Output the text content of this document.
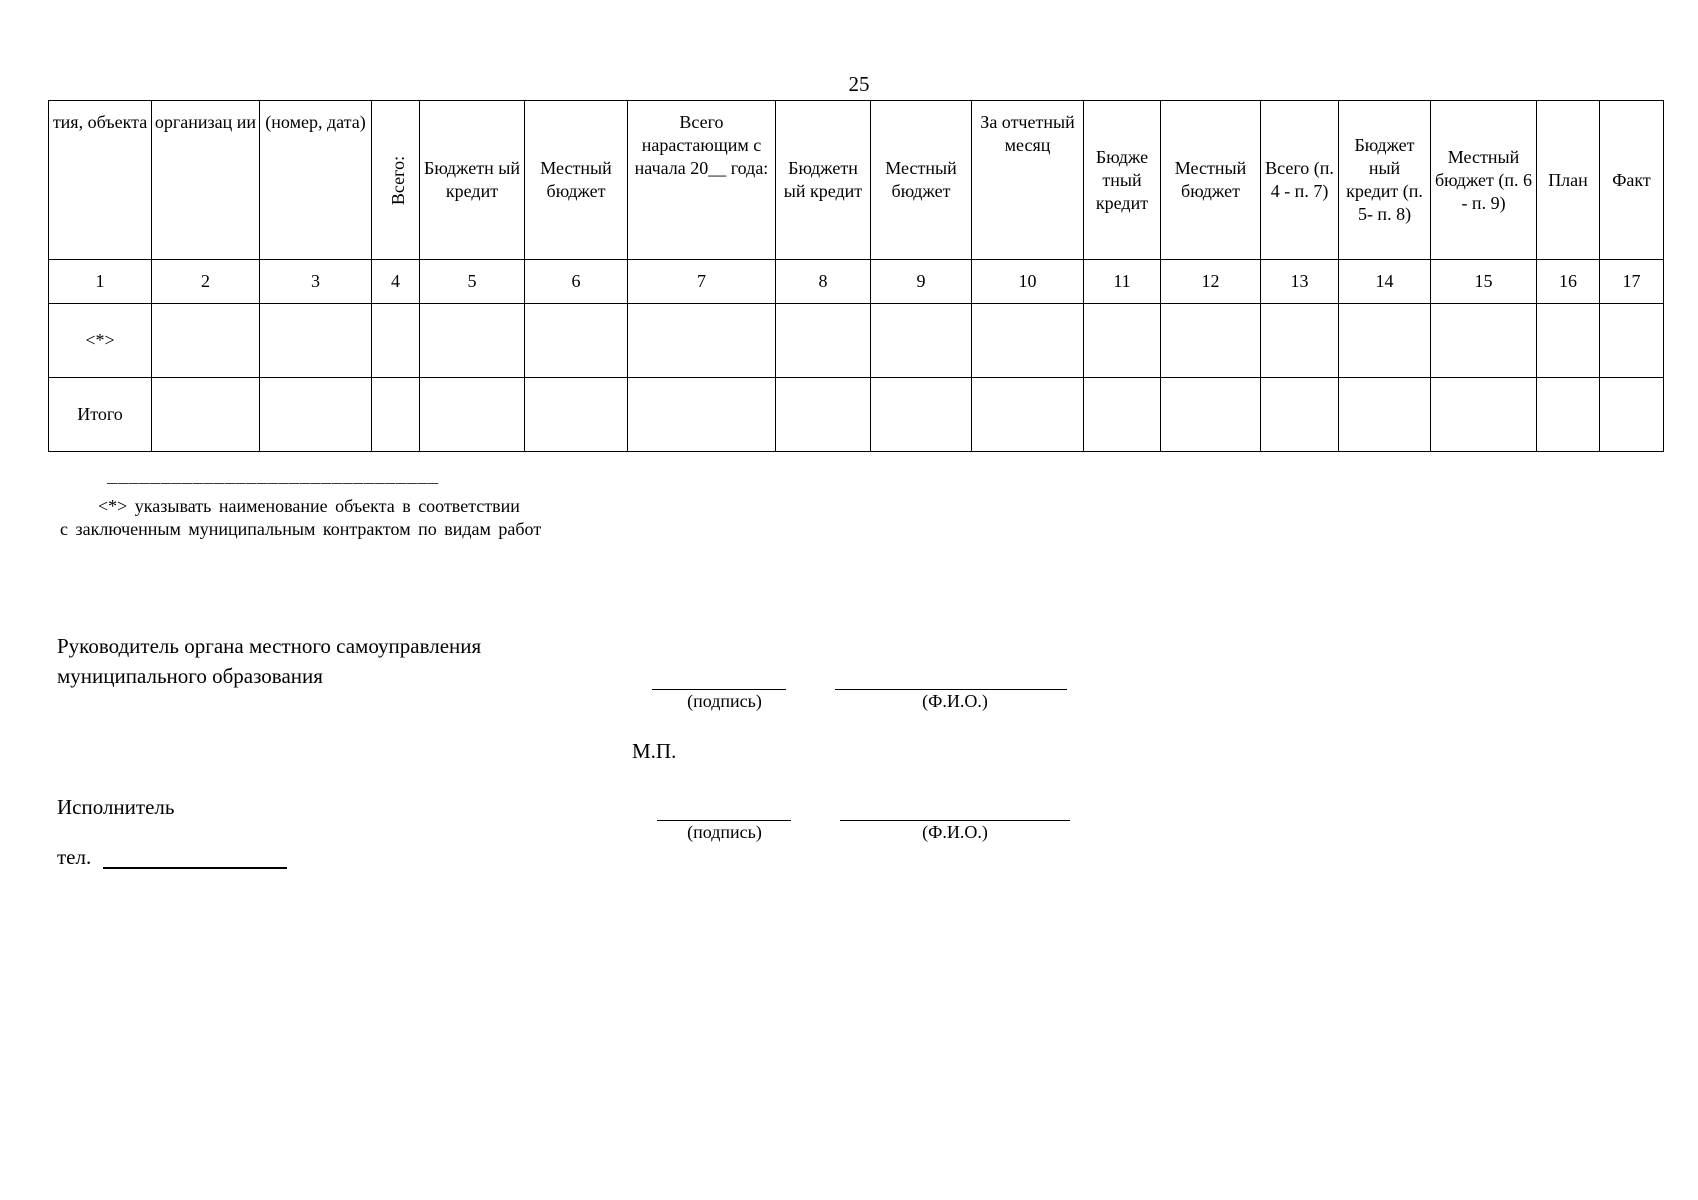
25
тия, объекта	организац ии	(номер, дата)	Всего:	Бюджетн ый кредит	Местный бюджет	Всего нарастающим с начала 20__ года:	Бюджетн ый кредит	Местный бюджет	За отчетный месяц	Бюдже тный кредит	Местный бюджет	Всего (п. 4 - п. 7)	Бюджет ный кредит (п. 5- п. 8)	Местный бюджет (п. 6 - п. 9)	План	Факт
1	2	3	4	5	6	7	8	9	10	11	12	13	14	15	16	17
<*>																
Итого																
_______________________________
<*> указывать наименование объекта в соответствии
с заключенным муниципальным контрактом по видам работ
Руководитель органа местного самоуправления
муниципального образования
(подпись)	(Ф.И.О.)
М.П.
Исполнитель
(подпись)	(Ф.И.О.)
тел.
